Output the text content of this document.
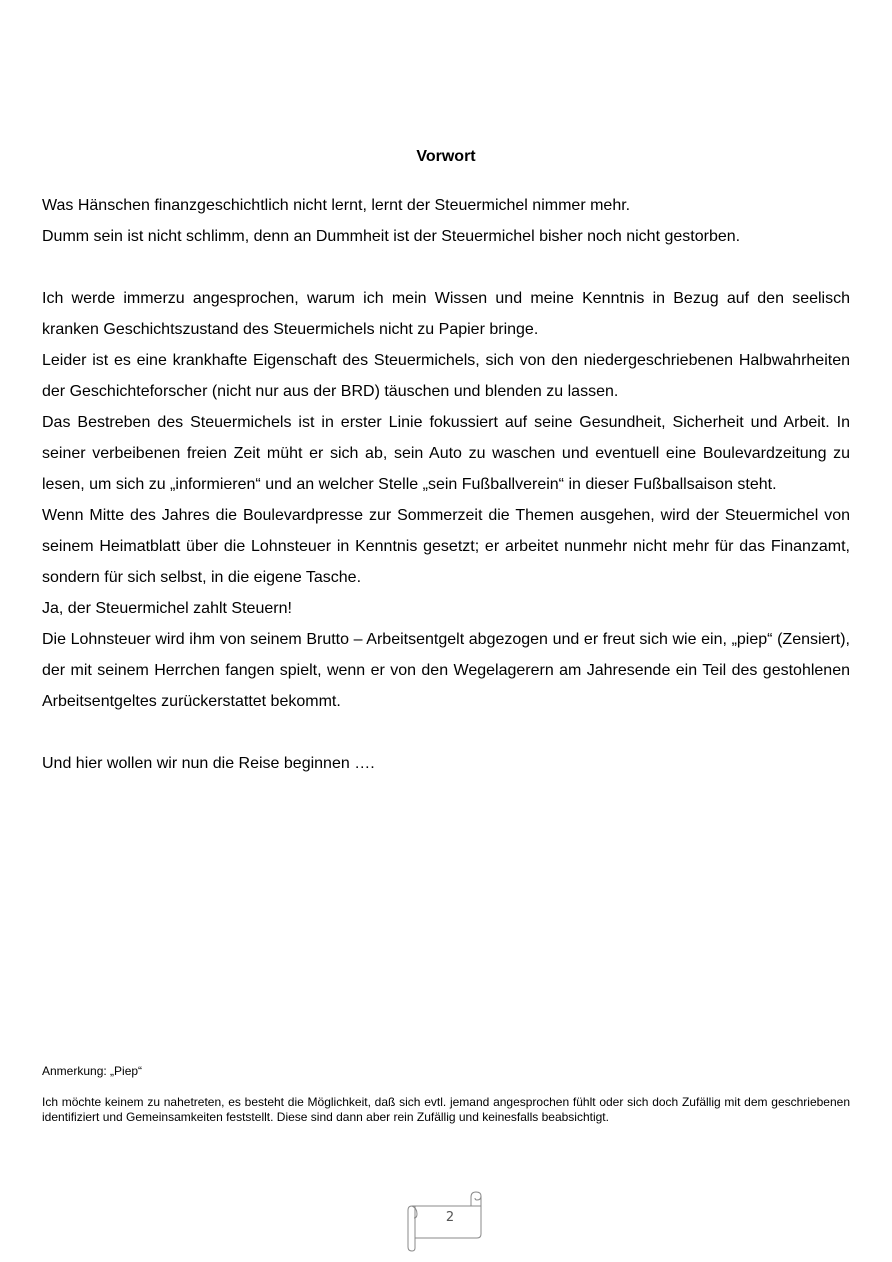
Vorwort

Was Hänschen finanzgeschichtlich nicht lernt, lernt der Steuermichel nimmer mehr.

Dumm sein ist nicht schlimm, denn an Dummheit ist der Steuermichel bisher noch nicht gestorben.

Ich werde immerzu angesprochen, warum ich mein Wissen und meine Kenntnis in Bezug auf den seelisch kranken Geschichtszustand des Steuermichels nicht zu Papier bringe.

Leider ist es eine krankhafte Eigenschaft des Steuermichels, sich von den niedergeschriebenen Halbwahrheiten der Geschichteforscher (nicht nur aus der BRD) täuschen und blenden zu lassen.

Das Bestreben des Steuermichels ist in erster Linie fokussiert auf seine Gesundheit, Sicherheit und Arbeit. In seiner verbeibenen freien Zeit müht er sich ab, sein Auto zu waschen und eventuell eine Boulevardzeitung zu lesen, um sich zu „informieren“ und an welcher Stelle „sein Fußballverein“ in dieser Fußballsaison steht.

Wenn Mitte des Jahres die Boulevardpresse zur Sommerzeit die Themen ausgehen, wird der Steuermichel von seinem Heimatblatt über die Lohnsteuer in Kenntnis gesetzt; er arbeitet nunmehr nicht mehr für das Finanzamt, sondern für sich selbst, in die eigene Tasche.

Ja, der Steuermichel zahlt Steuern!

Die Lohnsteuer wird ihm von seinem Brutto – Arbeitsentgelt abgezogen und er freut sich wie ein, „piep“ (Zensiert), der mit seinem Herrchen fangen spielt, wenn er von den Wegelagerern am Jahresende ein Teil des gestohlenen Arbeitsentgeltes zurückerstattet bekommt.

Und hier wollen wir nun die Reise beginnen ….

Anmerkung: „Piep“
Ich möchte keinem zu nahetreten, es besteht die Möglichkeit, daß sich evtl. jemand angesprochen fühlt oder sich doch Zufällig mit dem geschriebenen identifiziert und Gemeinsamkeiten feststellt. Diese sind dann aber rein Zufällig und keinesfalls beabsichtigt.
2
